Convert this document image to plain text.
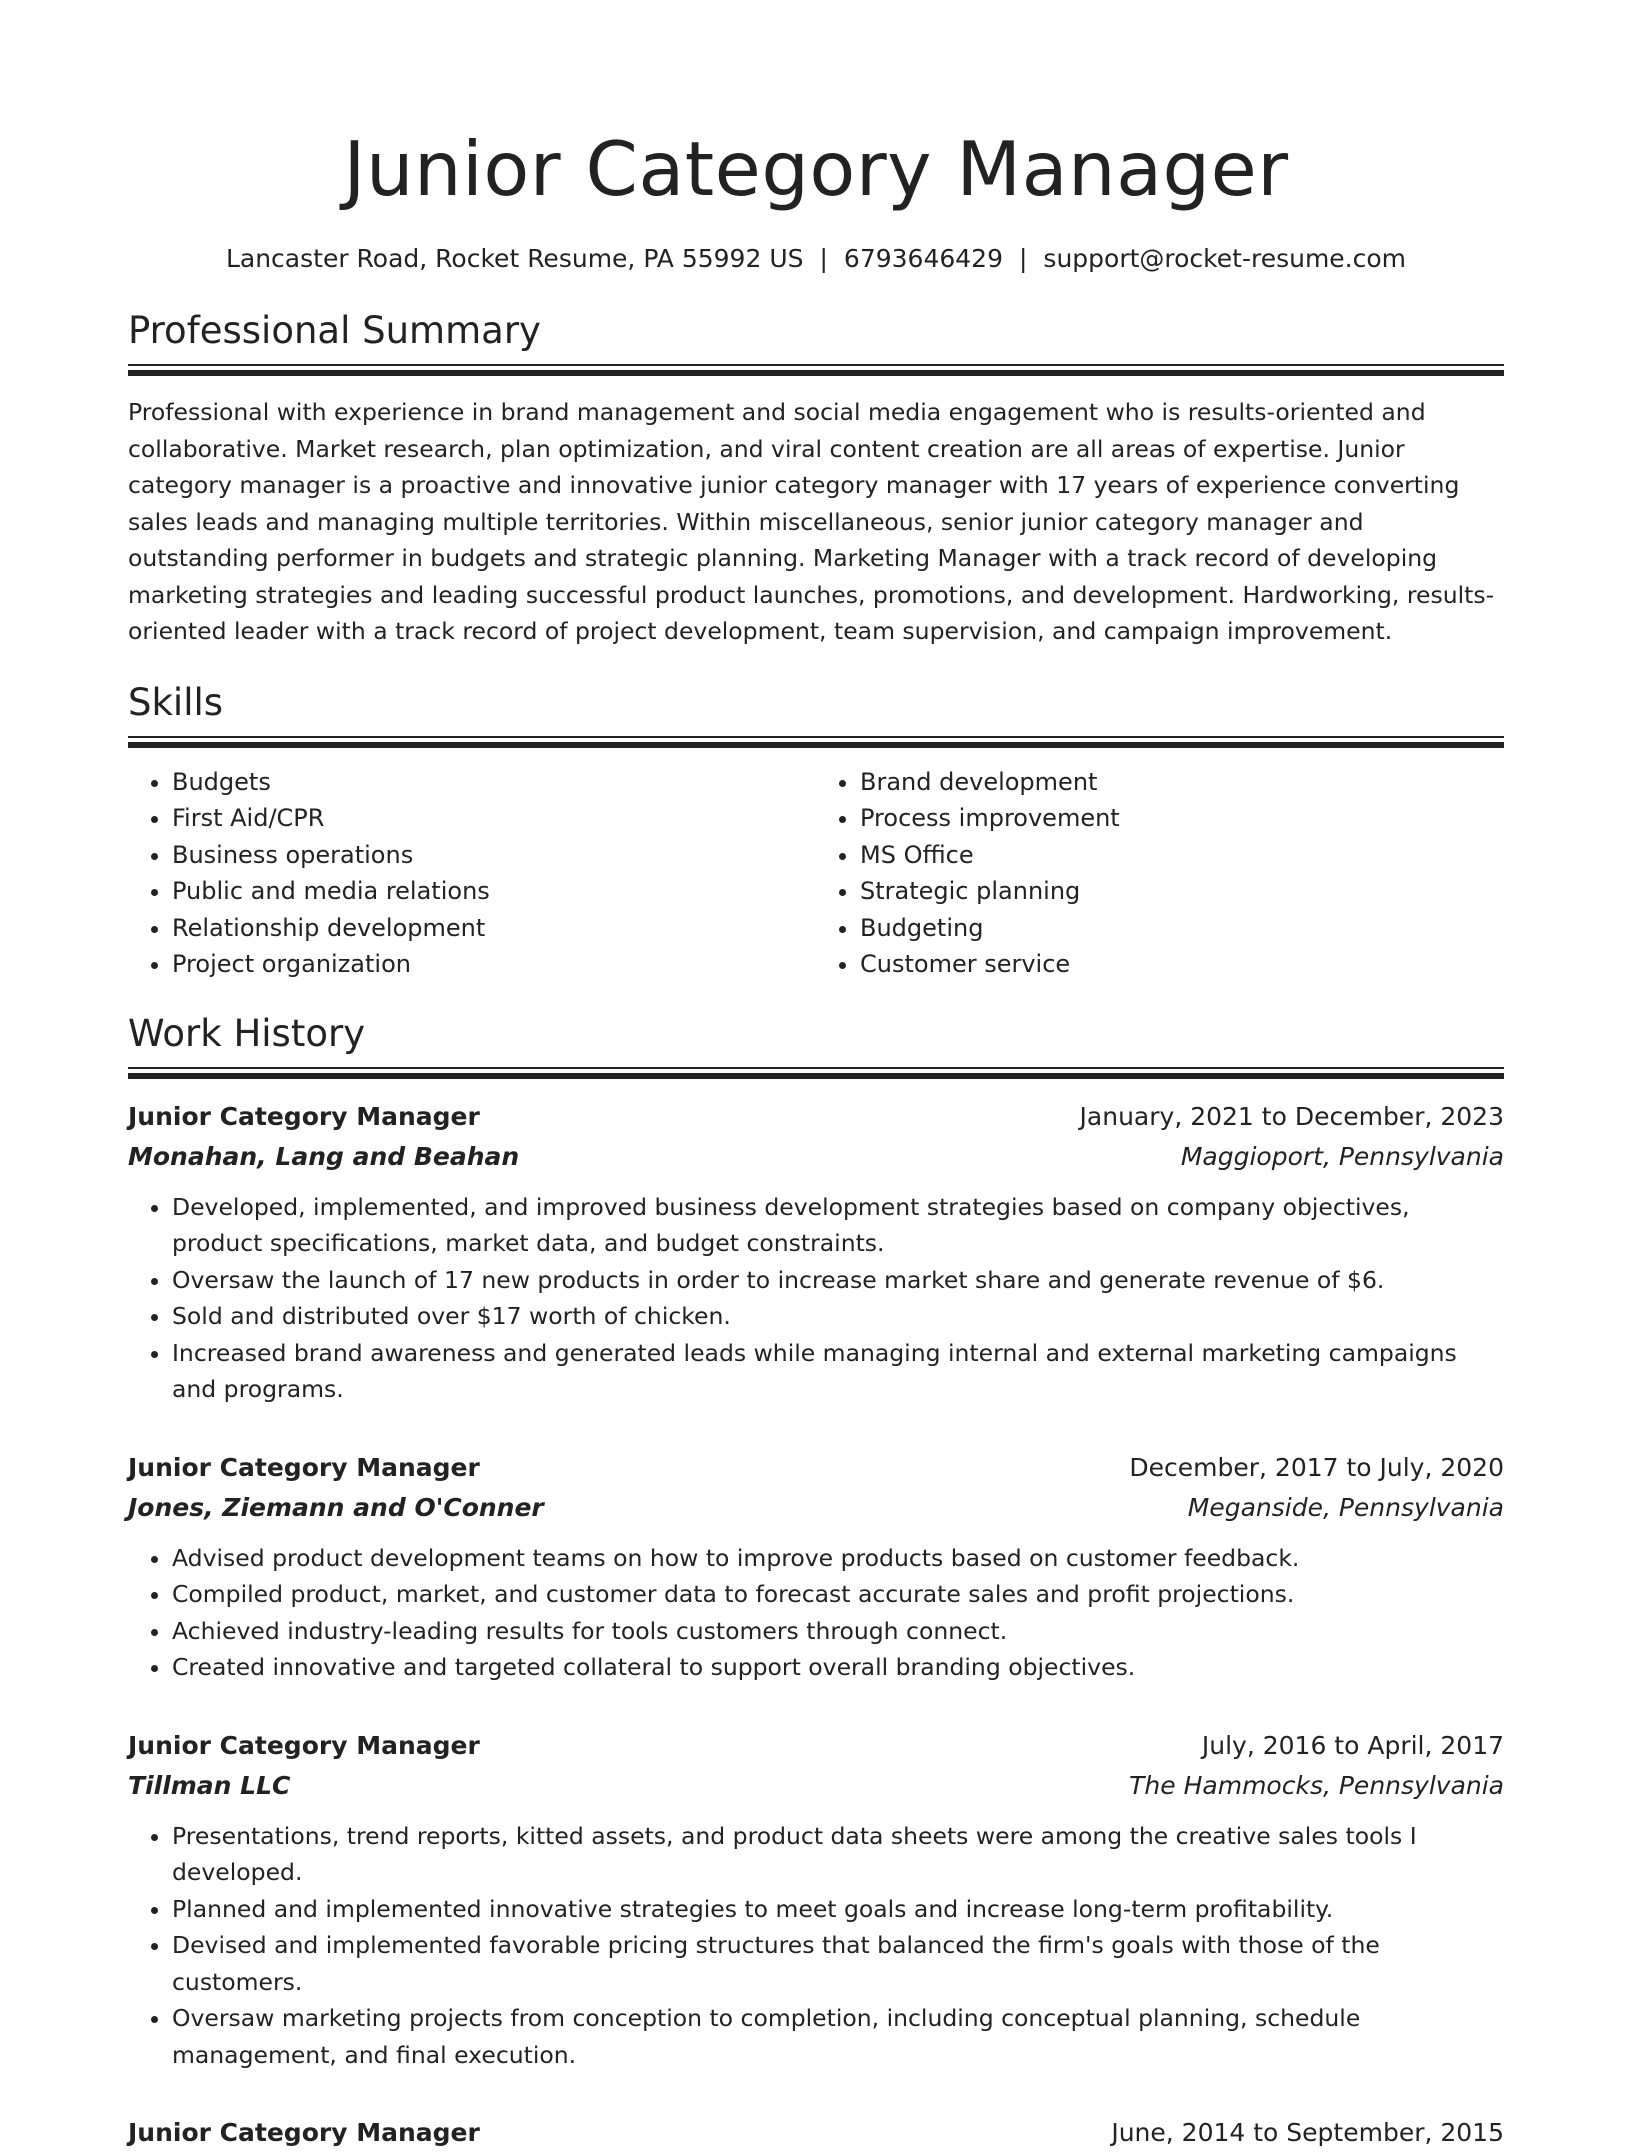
Junior Category Manager
Lancaster Road, Rocket Resume, PA 55992 US | 6793646429 | support@rocket-resume.com
Professional Summary

Professional with experience in brand management and social media engagement who is results-oriented and collaborative. Market research, plan optimization, and viral content creation are all areas of expertise. Junior category manager is a proactive and innovative junior category manager with 17 years of experience converting sales leads and managing multiple territories. Within miscellaneous, senior junior category manager and outstanding performer in budgets and strategic planning. Marketing Manager with a track record of developing marketing strategies and leading successful product launches, promotions, and development. Hardworking, results-oriented leader with a track record of project development, team supervision, and campaign improvement.

Skills
• Budgets
• First Aid/CPR
• Business operations
• Public and media relations
• Relationship development
• Project organization
• Brand development
• Process improvement
• MS Office
• Strategic planning
• Budgeting
• Customer service
Work History
Junior Category Manager	January, 2021 to December, 2023
Monahan, Lang and Beahan	Maggioport, Pennsylvania
• Developed, implemented, and improved business development strategies based on company objectives, product specifications, market data, and budget constraints.
• Oversaw the launch of 17 new products in order to increase market share and generate revenue of $6.
• Sold and distributed over $17 worth of chicken.
• Increased brand awareness and generated leads while managing internal and external marketing campaigns and programs.
Junior Category Manager	December, 2017 to July, 2020
Jones, Ziemann and O'Conner	Meganside, Pennsylvania
• Advised product development teams on how to improve products based on customer feedback.
• Compiled product, market, and customer data to forecast accurate sales and profit projections.
• Achieved industry-leading results for tools customers through connect.
• Created innovative and targeted collateral to support overall branding objectives.
Junior Category Manager	July, 2016 to April, 2017
Tillman LLC	The Hammocks, Pennsylvania
• Presentations, trend reports, kitted assets, and product data sheets were among the creative sales tools I developed.
• Planned and implemented innovative strategies to meet goals and increase long-term profitability.
• Devised and implemented favorable pricing structures that balanced the firm's goals with those of the customers.
• Oversaw marketing projects from conception to completion, including conceptual planning, schedule management, and final execution.
Junior Category Manager	June, 2014 to September, 2015
